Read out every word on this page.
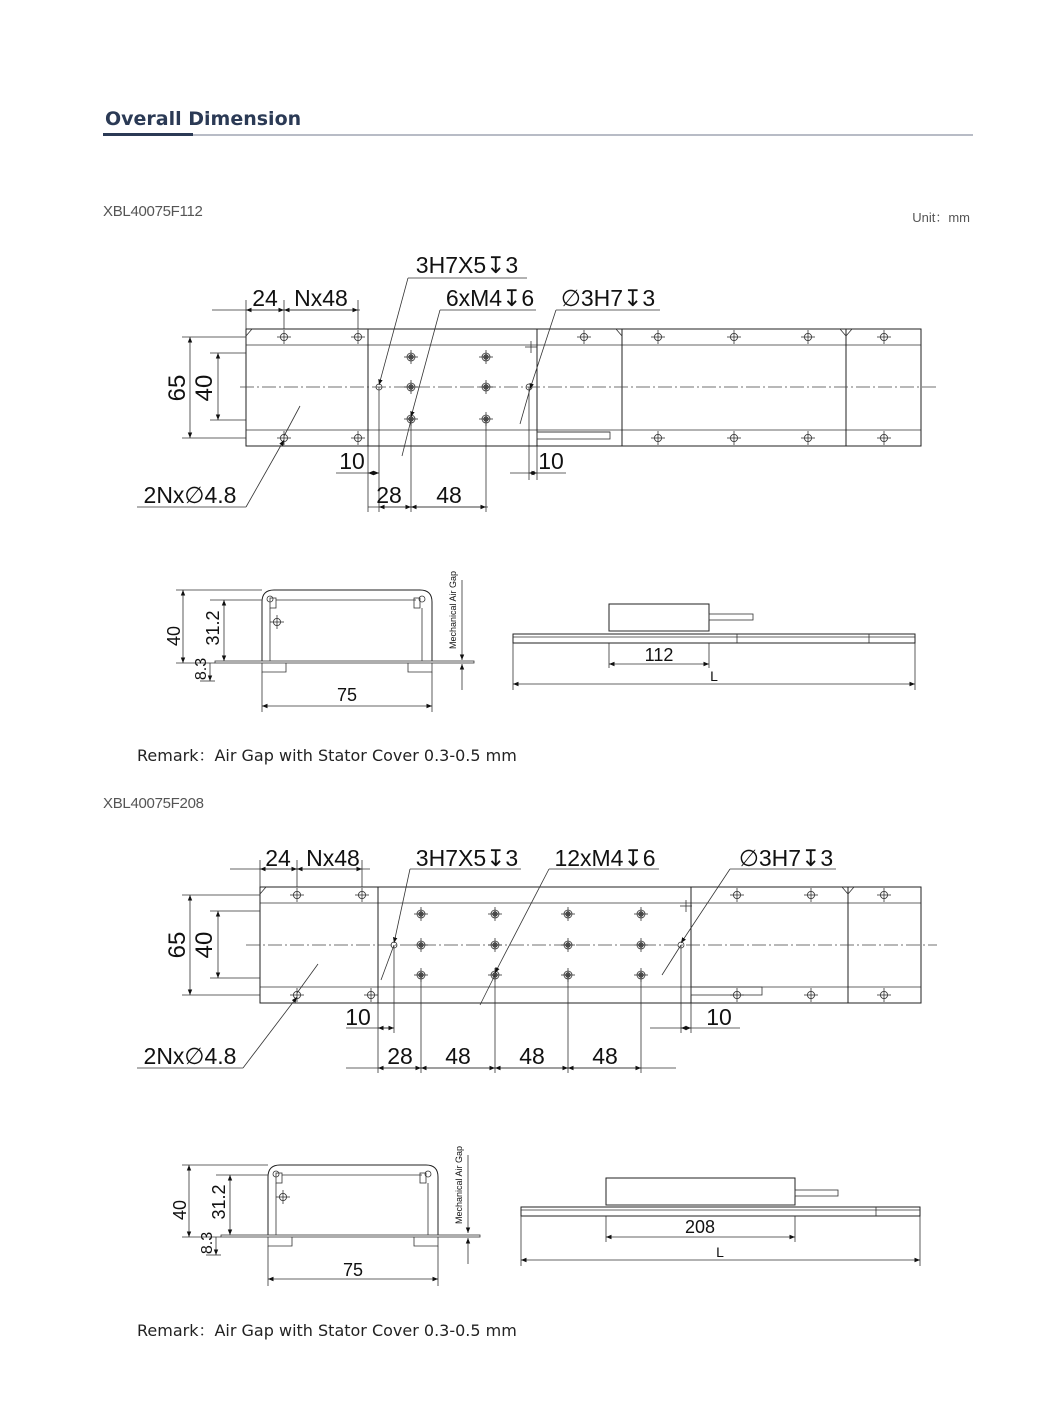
Overall Dimension
XBL40075F112	Unit：mm
Remark：Air Gap with Stator Cover 0.3-0.5 mm
XBL40075F208
Remark：Air Gap with Stator Cover 0.3-0.5 mm
65 40
24 Nx48
3H7X5↧3
6xM4↧6 ∅3H7↧3
10	10
28 48
2Nx∅4.8
40 31.2
8.3
75
Mechanical Air Gap
112
L
65 40
24 Nx48 3H7X5↧3 12xM4↧6	∅3H7↧3
10	10
28 48 48 48
2Nx∅4.8
40 31.2
8.3
75
Mechanical Air Gap
208
L
